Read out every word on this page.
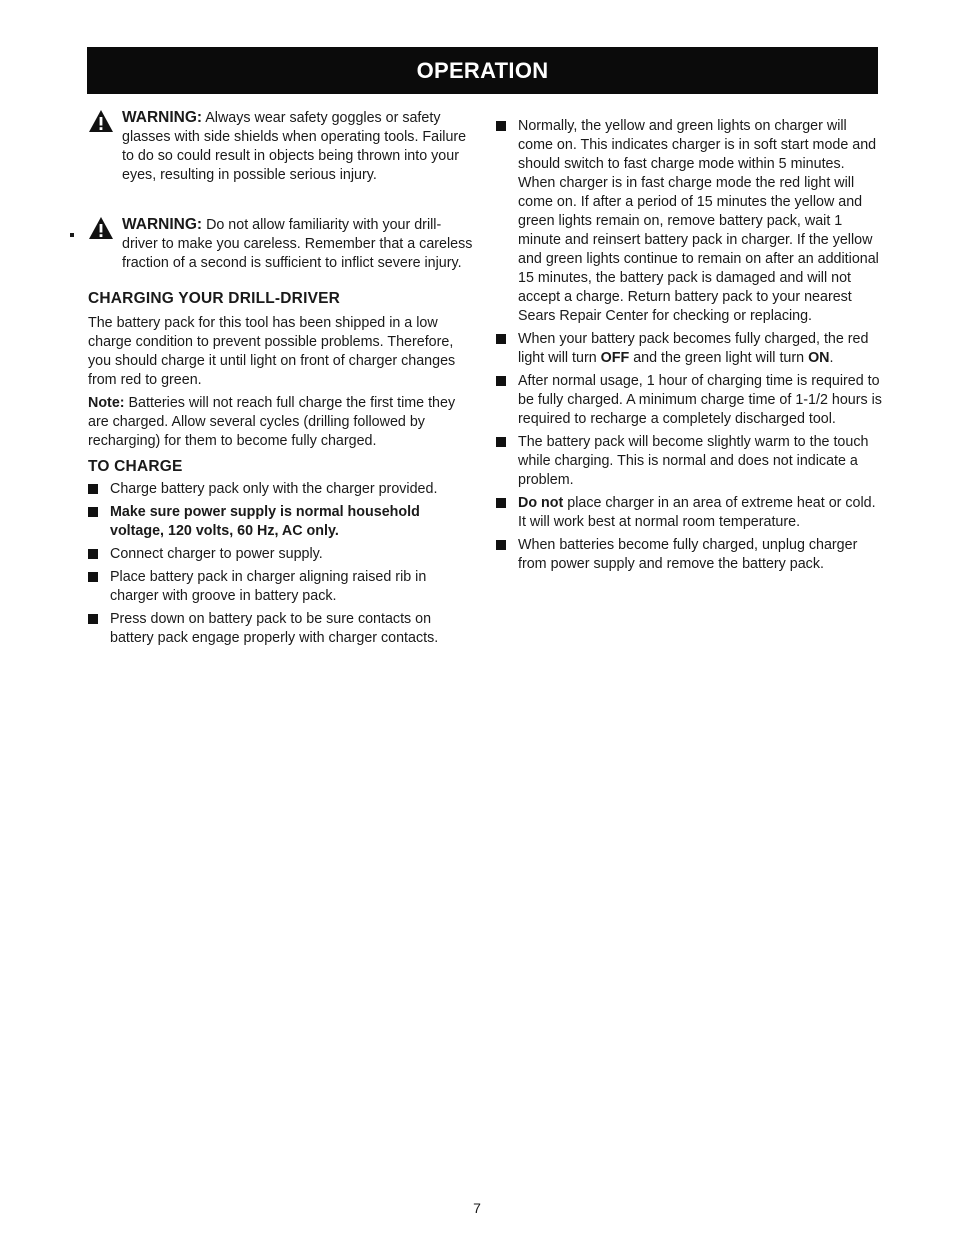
OPERATION

WARNING: Always wear safety goggles or safety glasses with side shields when operating tools. Failure to do so could result in objects being thrown into your eyes, resulting in possible serious injury.

WARNING: Do not allow familiarity with your drill-driver to make you careless. Remember that a careless fraction of a second is sufficient to inflict severe injury.

CHARGING YOUR DRILL-DRIVER

The battery pack for this tool has been shipped in a low charge condition to prevent possible problems. Therefore, you should charge it until light on front of charger changes from red to green.

Note: Batteries will not reach full charge the first time they are charged. Allow several cycles (drilling followed by recharging) for them to become fully charged.

TO CHARGE
Charge battery pack only with the charger provided.
Make sure power supply is normal household voltage, 120 volts, 60 Hz, AC only.
Connect charger to power supply.
Place battery pack in charger aligning raised rib in charger with groove in battery pack.
Press down on battery pack to be sure contacts on battery pack engage properly with charger contacts.
Normally, the yellow and green lights on charger will come on. This indicates charger is in soft start mode and should switch to fast charge mode within 5 minutes. When charger is in fast charge mode the red light will come on. If after a period of 15 minutes the yellow and green lights remain on, remove battery pack, wait 1 minute and reinsert battery pack in charger. If the yellow and green lights continue to remain on after an additional 15 minutes, the battery pack is damaged and will not accept a charge. Return battery pack to your nearest Sears Repair Center for checking or replacing.
When your battery pack becomes fully charged, the red light will turn OFF and the green light will turn ON.
After normal usage, 1 hour of charging time is required to be fully charged. A minimum charge time of 1-1/2 hours is required to recharge a completely discharged tool.
The battery pack will become slightly warm to the touch while charging. This is normal and does not indicate a problem.
Do not place charger in an area of extreme heat or cold. It will work best at normal room temperature.
When batteries become fully charged, unplug charger from power supply and remove the battery pack.
7
